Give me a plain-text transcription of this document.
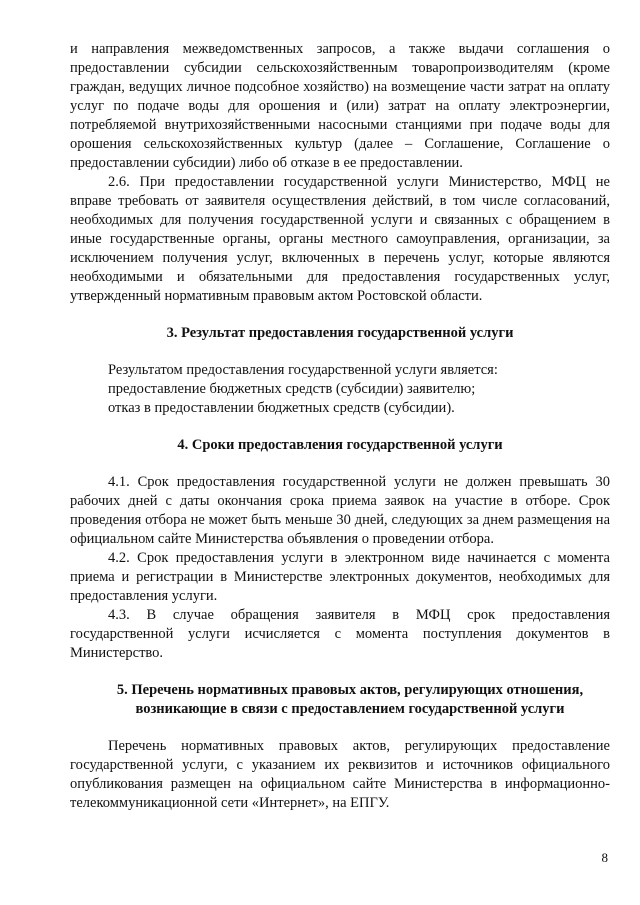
и направления межведомственных запросов, а также выдачи соглашения о предоставлении субсидии сельскохозяйственным товаропроизводителям (кроме граждан, ведущих личное подсобное хозяйство) на возмещение части затрат на оплату услуг по подаче воды для орошения и (или) затрат на оплату электроэнергии, потребляемой внутрихозяйственными насосными станциями при подаче воды для орошения сельскохозяйственных культур (далее – Соглашение, Соглашение о предоставлении субсидии) либо об отказе в ее предоставлении.

2.6. При предоставлении государственной услуги Министерство, МФЦ не вправе требовать от заявителя осуществления действий, в том числе согласований, необходимых для получения государственной услуги и связанных с обращением в иные государственные органы, органы местного самоуправления, организации, за исключением получения услуг, включенных в перечень услуг, которые являются необходимыми и обязательными для предоставления государственных услуг, утвержденный нормативным правовым актом Ростовской области.

3. Результат предоставления государственной услуги

Результатом предоставления государственной услуги является:

предоставление бюджетных средств (субсидии) заявителю;

отказ в предоставлении бюджетных средств (субсидии).

4. Сроки предоставления государственной услуги

4.1. Срок предоставления государственной услуги не должен превышать 30 рабочих дней с даты окончания срока приема заявок на участие в отборе. Срок проведения отбора не может быть меньше 30 дней, следующих за днем размещения на официальном сайте Министерства объявления о проведении отбора.

4.2. Срок предоставления услуги в электронном виде начинается с момента приема и регистрации в Министерстве электронных документов, необходимых для предоставления услуги.

4.3. В случае обращения заявителя в МФЦ срок предоставления государственной услуги исчисляется с момента поступления документов в Министерство.

5. Перечень нормативных правовых актов, регулирующих отношения,

возникающие в связи с предоставлением государственной услуги

Перечень нормативных правовых актов, регулирующих предоставление государственной услуги, с указанием их реквизитов и источников официального опубликования размещен на официальном сайте Министерства в информационно-телекоммуникационной сети «Интернет», на ЕПГУ.

8
